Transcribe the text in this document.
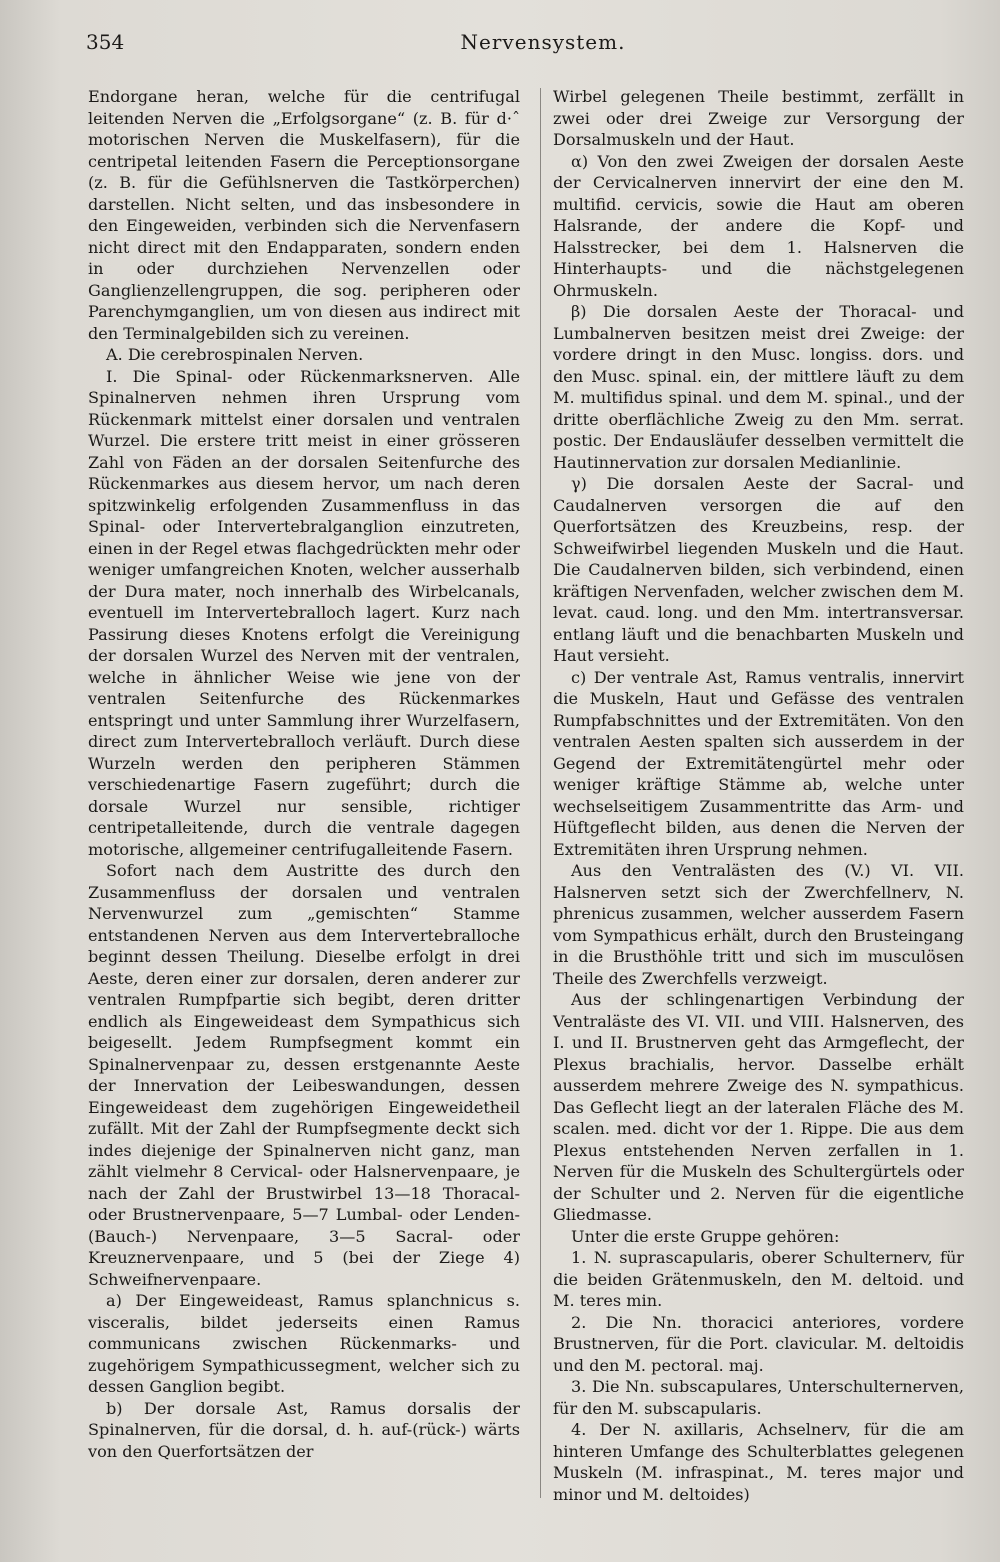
354	Nervensystem.

Endorgane heran, welche für die centrifugal leitenden Nerven die „Erfolgsorgane“ (z. B. für d·ˆ motorischen Nerven die Muskelfasern), für die centripetal leitenden Fasern die Perceptionsorgane (z. B. für die Gefühlsnerven die Tastkörperchen) darstellen. Nicht selten, und das insbesondere in den Eingeweiden, verbinden sich die Nervenfasern nicht direct mit den Endapparaten, sondern enden in oder durchziehen Nervenzellen oder Ganglienzellengruppen, die sog. peripheren oder Parenchymganglien, um von diesen aus indirect mit den Terminalgebilden sich zu vereinen.

A. Die cerebrospinalen Nerven.

I. Die Spinal- oder Rückenmarksnerven. Alle Spinalnerven nehmen ihren Ursprung vom Rückenmark mittelst einer dorsalen und ventralen Wurzel. Die erstere tritt meist in einer grösseren Zahl von Fäden an der dorsalen Seitenfurche des Rückenmarkes aus diesem hervor, um nach deren spitzwinkelig erfolgenden Zusammenfluss in das Spinal- oder Intervertebralganglion einzutreten, einen in der Regel etwas flachgedrückten mehr oder weniger umfangreichen Knoten, welcher ausserhalb der Dura mater, noch innerhalb des Wirbelcanals, eventuell im Intervertebralloch lagert. Kurz nach Passirung dieses Knotens erfolgt die Vereinigung der dorsalen Wurzel des Nerven mit der ventralen, welche in ähnlicher Weise wie jene von der ventralen Seitenfurche des Rückenmarkes entspringt und unter Sammlung ihrer Wurzelfasern, direct zum Intervertebralloch verläuft. Durch diese Wurzeln werden den peripheren Stämmen verschiedenartige Fasern zugeführt; durch die dorsale Wurzel nur sensible, richtiger centripetalleitende, durch die ventrale dagegen motorische, allgemeiner centrifugalleitende Fasern.

Sofort nach dem Austritte des durch den Zusammenfluss der dorsalen und ventralen Nervenwurzel zum „gemischten“ Stamme entstandenen Nerven aus dem Intervertebralloche beginnt dessen Theilung. Dieselbe erfolgt in drei Aeste, deren einer zur dorsalen, deren anderer zur ventralen Rumpfpartie sich begibt, deren dritter endlich als Eingeweideast dem Sympathicus sich beigesellt. Jedem Rumpfsegment kommt ein Spinalnervenpaar zu, dessen erstgenannte Aeste der Innervation der Leibeswandungen, dessen Eingeweideast dem zugehörigen Eingeweidetheil zufällt. Mit der Zahl der Rumpfsegmente deckt sich indes diejenige der Spinalnerven nicht ganz, man zählt vielmehr 8 Cervical- oder Halsnervenpaare, je nach der Zahl der Brustwirbel 13—18 Thoracal- oder Brustnervenpaare, 5—7 Lumbal- oder Lenden-(Bauch-) Nervenpaare, 3—5 Sacral- oder Kreuznervenpaare, und 5 (bei der Ziege 4) Schweifnervenpaare.

a) Der Eingeweideast, Ramus splanchnicus s. visceralis, bildet jederseits einen Ramus communicans zwischen Rückenmarks- und zugehörigem Sympathicussegment, welcher sich zu dessen Ganglion begibt.

b) Der dorsale Ast, Ramus dorsalis der Spinalnerven, für die dorsal, d. h. auf-(rück-) wärts von den Querfortsätzen der

Wirbel gelegenen Theile bestimmt, zerfällt in zwei oder drei Zweige zur Versorgung der Dorsalmuskeln und der Haut.

α) Von den zwei Zweigen der dorsalen Aeste der Cervicalnerven innervirt der eine den M. multifid. cervicis, sowie die Haut am oberen Halsrande, der andere die Kopf- und Halsstrecker, bei dem 1. Halsnerven die Hinterhaupts- und die nächstgelegenen Ohrmuskeln.

β) Die dorsalen Aeste der Thoracal- und Lumbalnerven besitzen meist drei Zweige: der vordere dringt in den Musc. longiss. dors. und den Musc. spinal. ein, der mittlere läuft zu dem M. multifidus spinal. und dem M. spinal., und der dritte oberflächliche Zweig zu den Mm. serrat. postic. Der Endausläufer desselben vermittelt die Hautinnervation zur dorsalen Medianlinie.

γ) Die dorsalen Aeste der Sacral- und Caudalnerven versorgen die auf den Querfortsätzen des Kreuzbeins, resp. der Schweifwirbel liegenden Muskeln und die Haut. Die Caudalnerven bilden, sich verbindend, einen kräftigen Nervenfaden, welcher zwischen dem M. levat. caud. long. und den Mm. intertransversar. entlang läuft und die benachbarten Muskeln und Haut versieht.

c) Der ventrale Ast, Ramus ventralis, innervirt die Muskeln, Haut und Gefässe des ventralen Rumpfabschnittes und der Extremitäten. Von den ventralen Aesten spalten sich ausserdem in der Gegend der Extremitätengürtel mehr oder weniger kräftige Stämme ab, welche unter wechselseitigem Zusammentritte das Arm- und Hüftgeflecht bilden, aus denen die Nerven der Extremitäten ihren Ursprung nehmen.

Aus den Ventralästen des (V.) VI. VII. Halsnerven setzt sich der Zwerchfellnerv, N. phrenicus zusammen, welcher ausserdem Fasern vom Sympathicus erhält, durch den Brusteingang in die Brusthöhle tritt und sich im musculösen Theile des Zwerchfells verzweigt.

Aus der schlingenartigen Verbindung der Ventraläste des VI. VII. und VIII. Halsnerven, des I. und II. Brustnerven geht das Armgeflecht, der Plexus brachialis, hervor. Dasselbe erhält ausserdem mehrere Zweige des N. sympathicus. Das Geflecht liegt an der lateralen Fläche des M. scalen. med. dicht vor der 1. Rippe. Die aus dem Plexus entstehenden Nerven zerfallen in 1. Nerven für die Muskeln des Schultergürtels oder der Schulter und 2. Nerven für die eigentliche Gliedmasse.

Unter die erste Gruppe gehören:

1. N. suprascapularis, oberer Schulternerv, für die beiden Grätenmuskeln, den M. deltoid. und M. teres min.

2. Die Nn. thoracici anteriores, vordere Brustnerven, für die Port. clavicular. M. deltoidis und den M. pectoral. maj.

3. Die Nn. subscapulares, Unterschulternerven, für den M. subscapularis.

4. Der N. axillaris, Achselnerv, für die am hinteren Umfange des Schulterblattes gelegenen Muskeln (M. infraspinat., M. teres major und minor und M. deltoides)
